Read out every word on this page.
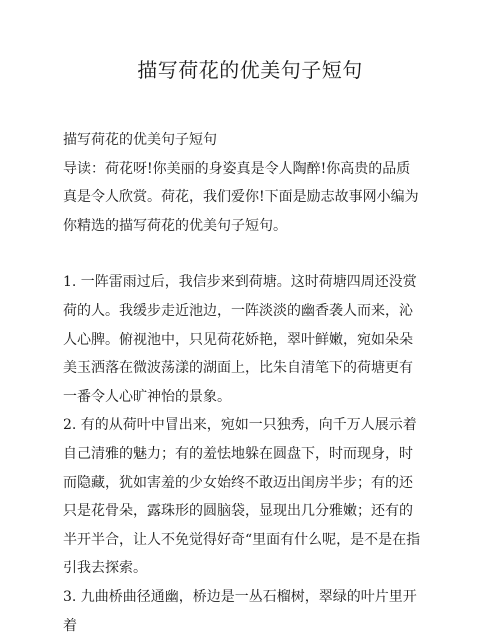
描写荷花的优美句子短句

描写荷花的优美句子短句

导读：荷花呀!你美丽的身姿真是令人陶醉!你高贵的品质真是令人欣赏。荷花，我们爱你!下面是励志故事网小编为你精选的描写荷花的优美句子短句。

1. 一阵雷雨过后，我信步来到荷塘。这时荷塘四周还没赏荷的人。我缓步走近池边，一阵淡淡的幽香袭人而来，沁人心脾。俯视池中，只见荷花娇艳，翠叶鲜嫩，宛如朵朵美玉洒落在微波荡漾的湖面上，比朱自清笔下的荷塘更有一番令人心旷神怡的景象。

2. 有的从荷叶中冒出来，宛如一只独秀，向千万人展示着自己清雅的魅力；有的羞怯地躲在圆盘下，时而现身，时而隐藏，犹如害羞的少女始终不敢迈出闺房半步；有的还只是花骨朵，露珠形的圆脑袋，显现出几分雅嫩；还有的半开半合，让人不免觉得好奇“里面有什么呢，是不是在指引我去探索。

3. 九曲桥曲径通幽，桥边是一丛石榴树，翠绿的叶片里开着
